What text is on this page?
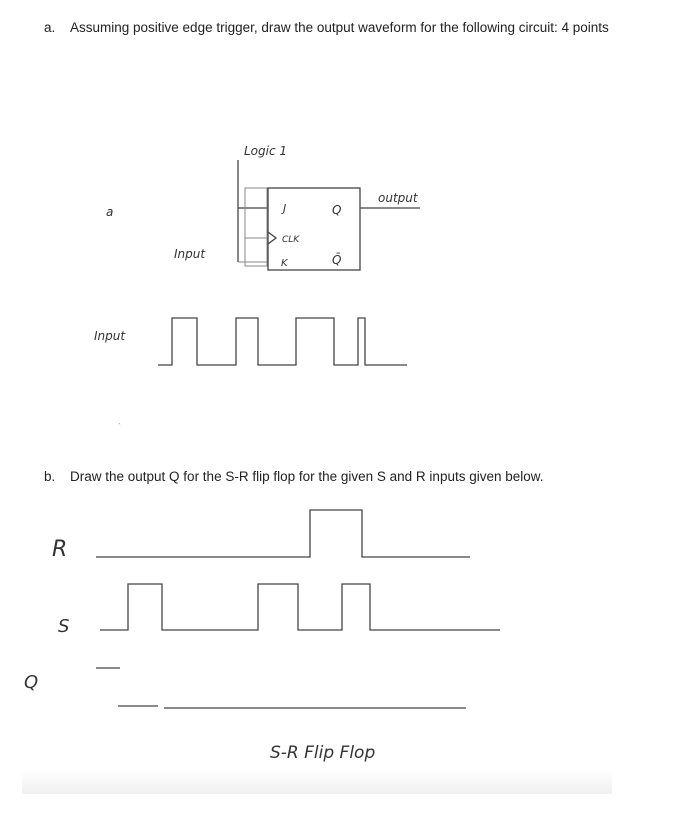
a. Assuming positive edge trigger, draw the output waveform for the following circuit: 4 points
Logic 1
output
Input
a	J
CLK
K
Q
Q̄
Input
`
R
S
Q
S-R Flip Flop
b. Draw the output Q for the S-R flip flop for the given S and R inputs given below.
